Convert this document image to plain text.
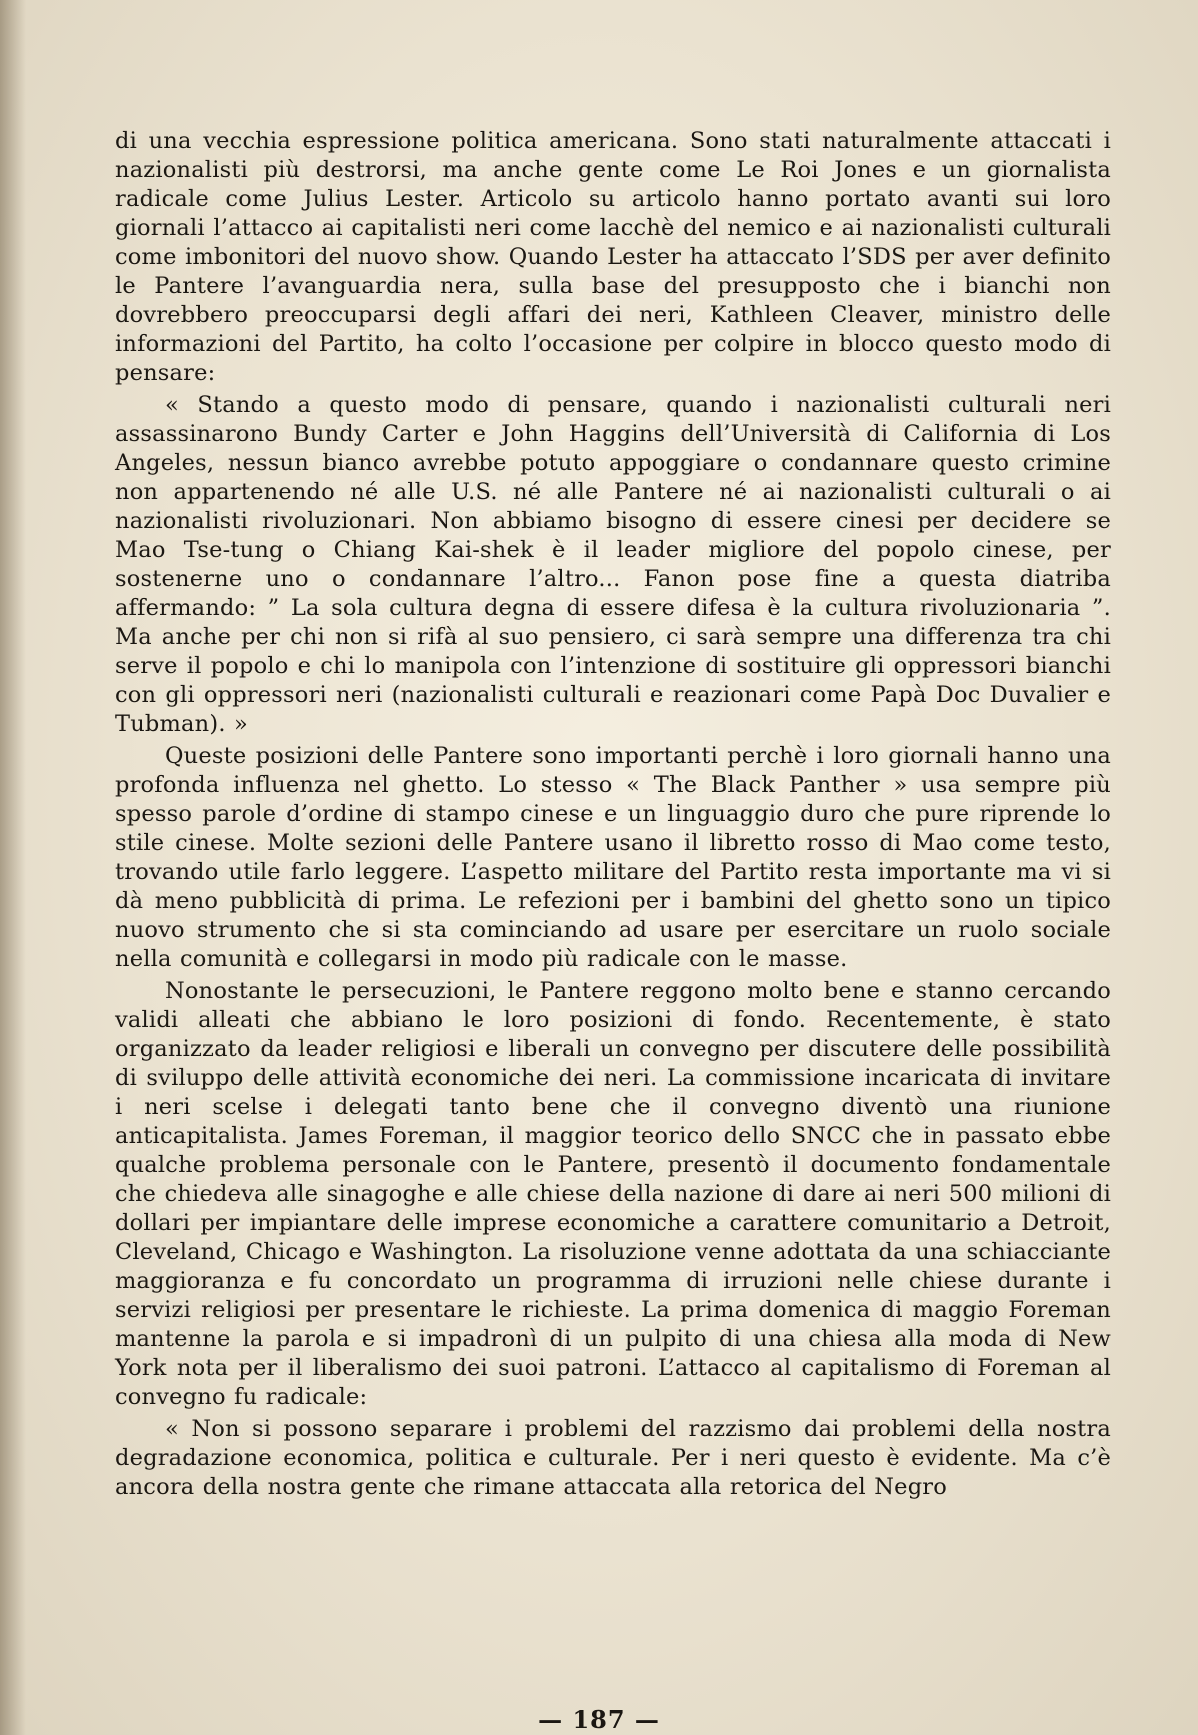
di una vecchia espressione politica americana. Sono stati naturalmente attaccati i nazionalisti più destrorsi, ma anche gente come Le Roi Jones e un giornalista radicale come Julius Lester. Articolo su articolo hanno portato avanti sui loro giornali l’attacco ai capitalisti neri come lacchè del nemico e ai nazionalisti culturali come imbonitori del nuovo show. Quando Lester ha attaccato l’SDS per aver definito le Pantere l’avanguardia nera, sulla base del presupposto che i bianchi non dovrebbero preoccuparsi degli affari dei neri, Kathleen Cleaver, ministro delle informazioni del Partito, ha colto l’occasione per colpire in blocco questo modo di pensare:

« Stando a questo modo di pensare, quando i nazionalisti culturali neri assassinarono Bundy Carter e John Haggins dell’Università di California di Los Angeles, nessun bianco avrebbe potuto appoggiare o condannare questo crimine non appartenendo né alle U.S. né alle Pantere né ai nazionalisti culturali o ai nazionalisti rivoluzionari. Non abbiamo bisogno di essere cinesi per decidere se Mao Tse-tung o Chiang Kai-shek è il leader migliore del popolo cinese, per sostenerne uno o condannare l’altro... Fanon pose fine a questa diatriba affermando: ” La sola cultura degna di essere difesa è la cultura rivoluzionaria ”. Ma anche per chi non si rifà al suo pensiero, ci sarà sempre una differenza tra chi serve il popolo e chi lo manipola con l’intenzione di sostituire gli oppressori bianchi con gli oppressori neri (nazionalisti culturali e reazionari come Papà Doc Duvalier e Tubman). »

Queste posizioni delle Pantere sono importanti perchè i loro giornali hanno una profonda influenza nel ghetto. Lo stesso « The Black Panther » usa sempre più spesso parole d’ordine di stampo cinese e un linguaggio duro che pure riprende lo stile cinese. Molte sezioni delle Pantere usano il libretto rosso di Mao come testo, trovando utile farlo leggere. L’aspetto militare del Partito resta importante ma vi si dà meno pubblicità di prima. Le refezioni per i bambini del ghetto sono un tipico nuovo strumento che si sta cominciando ad usare per esercitare un ruolo sociale nella comunità e collegarsi in modo più radicale con le masse.

Nonostante le persecuzioni, le Pantere reggono molto bene e stanno cercando validi alleati che abbiano le loro posizioni di fondo. Recentemente, è stato organizzato da leader religiosi e liberali un convegno per discutere delle possibilità di sviluppo delle attività economiche dei neri. La commissione incaricata di invitare i neri scelse i delegati tanto bene che il convegno diventò una riunione anticapitalista. James Foreman, il maggior teorico dello SNCC che in passato ebbe qualche problema personale con le Pantere, presentò il documento fondamentale che chiedeva alle sinagoghe e alle chiese della nazione di dare ai neri 500 milioni di dollari per impiantare delle imprese economiche a carattere comunitario a Detroit, Cleveland, Chicago e Washington. La risoluzione venne adottata da una schiacciante maggioranza e fu concordato un programma di irruzioni nelle chiese durante i servizi religiosi per presentare le richieste. La prima domenica di maggio Foreman mantenne la parola e si impadronì di un pulpito di una chiesa alla moda di New York nota per il liberalismo dei suoi patroni. L’attacco al capitalismo di Foreman al convegno fu radicale:

« Non si possono separare i problemi del razzismo dai problemi della nostra degradazione economica, politica e culturale. Per i neri questo è evidente. Ma c’è ancora della nostra gente che rimane attaccata alla retorica del Negro

— 187 —
